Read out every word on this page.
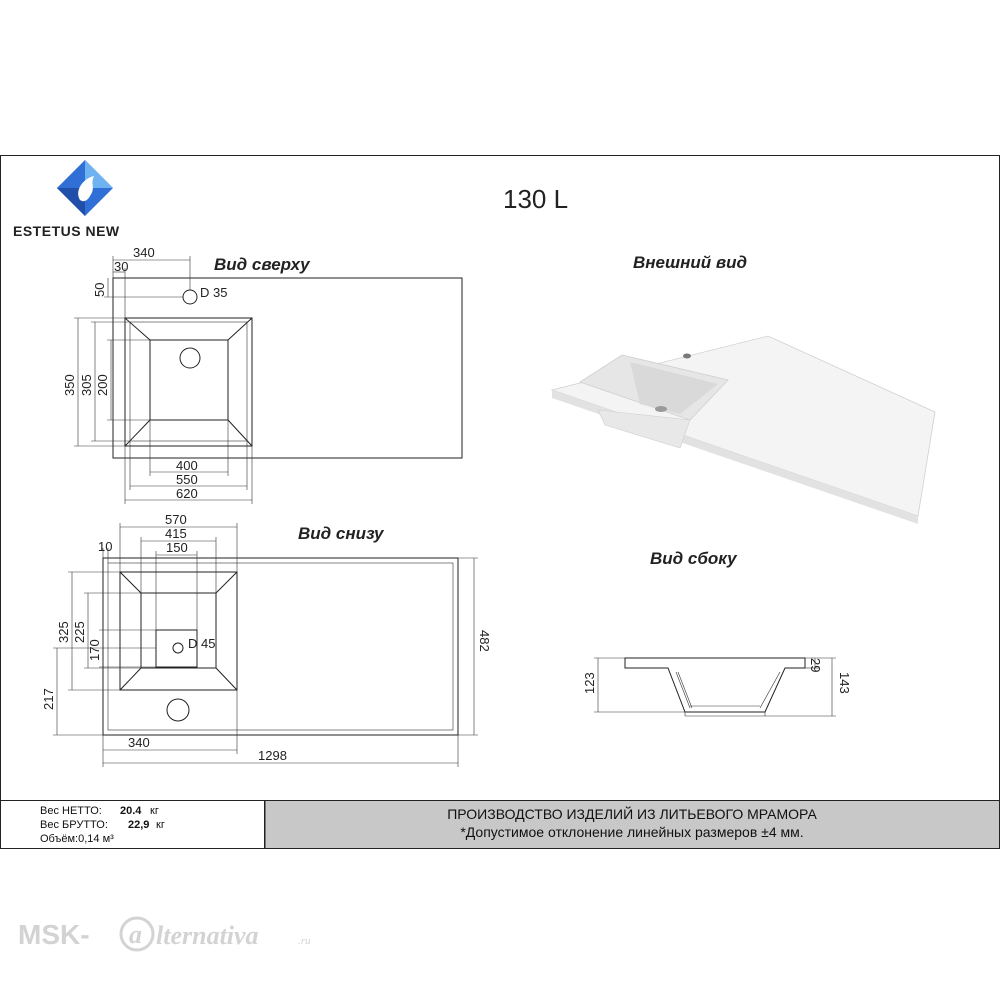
ESTETUS NEW
130 L
Вид сверху	Внешний вид
Вид снизу
Вид сбоку
340
30
50	D 35
350 305 200
400
550
620
570
415
150
10
325 225
170	D 45
217
482
340
1298
123
29
143
Вес НЕТТО: 20.4 кг
Вес БРУТТО: 22,9 кг
Объём:0,14 м³
ПРОИЗВОДСТВО ИЗДЕЛИЙ ИЗ ЛИТЬЕВОГО МРАМОРА
*Допустимое отклонение линейных размеров ±4 мм.
MSK- a lternativa	.ru
